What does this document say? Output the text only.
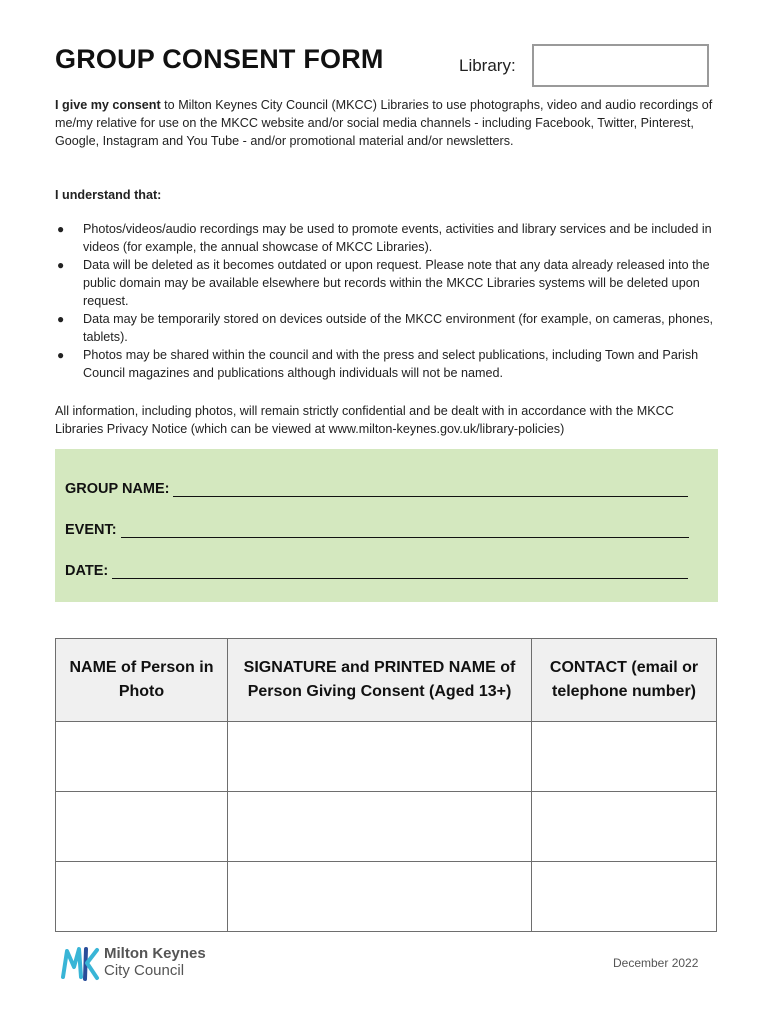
GROUP CONSENT FORM	Library:
I give my consent to Milton Keynes City Council (MKCC) Libraries to use photographs, video and audio recordings of me/my relative for use on the MKCC website and/or social media channels - including Facebook, Twitter, Pinterest, Google, Instagram and You Tube - and/or promotional material and/or newsletters.
I understand that:
● Photos/videos/audio recordings may be used to promote events, activities and library services and be included in videos (for example, the annual showcase of MKCC Libraries).
● Data will be deleted as it becomes outdated or upon request. Please note that any data already released into the public domain may be available elsewhere but records within the MKCC Libraries systems will be deleted upon request.
● Data may be temporarily stored on devices outside of the MKCC environment (for example, on cameras, phones, tablets).
● Photos may be shared within the council and with the press and select publications, including Town and Parish Council magazines and publications although individuals will not be named.
All information, including photos, will remain strictly confidential and be dealt with in accordance with the MKCC Libraries Privacy Notice (which can be viewed at www.milton-keynes.gov.uk/library-policies)
GROUP NAME:
EVENT:
DATE:
NAME of Person in Photo	SIGNATURE and PRINTED NAME of Person Giving Consent (Aged 13+)	CONTACT (email or telephone number)

Milton Keynes
City Council	December 2022
